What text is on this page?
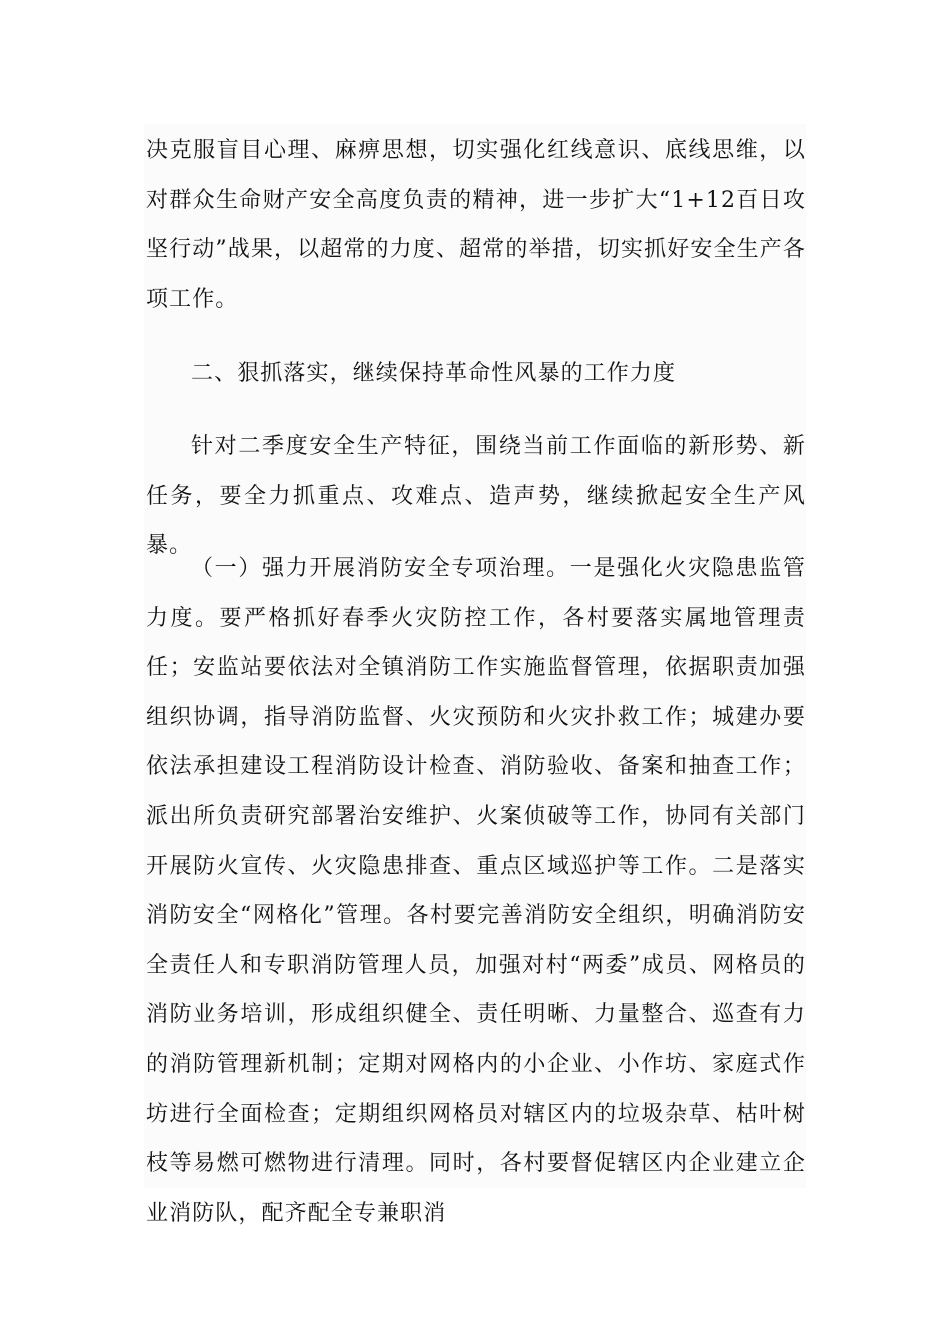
决克服盲目心理、麻痹思想，切实强化红线意识、底线思维，以对群众生命财产安全高度负责的精神，进一步扩大“1+12百日攻坚行动”战果，以超常的力度、超常的举措，切实抓好安全生产各项工作。

二、狠抓落实，继续保持革命性风暴的工作力度

针对二季度安全生产特征，围绕当前工作面临的新形势、新任务，要全力抓重点、攻难点、造声势，继续掀起安全生产风暴。

（一）强力开展消防安全专项治理。一是强化火灾隐患监管力度。要严格抓好春季火灾防控工作，各村要落实属地管理责任；安监站要依法对全镇消防工作实施监督管理，依据职责加强组织协调，指导消防监督、火灾预防和火灾扑救工作；城建办要依法承担建设工程消防设计检查、消防验收、备案和抽查工作；派出所负责研究部署治安维护、火案侦破等工作，协同有关部门开展防火宣传、火灾隐患排查、重点区域巡护等工作。二是落实消防安全“网格化”管理。各村要完善消防安全组织，明确消防安全责任人和专职消防管理人员，加强对村“两委”成员、网格员的消防业务培训，形成组织健全、责任明晰、力量整合、巡查有力的消防管理新机制；定期对网格内的小企业、小作坊、家庭式作坊进行全面检查；定期组织网格员对辖区内的垃圾杂草、枯叶树枝等易燃可燃物进行清理。同时，各村要督促辖区内企业建立企业消防队，配齐配全专兼职消
